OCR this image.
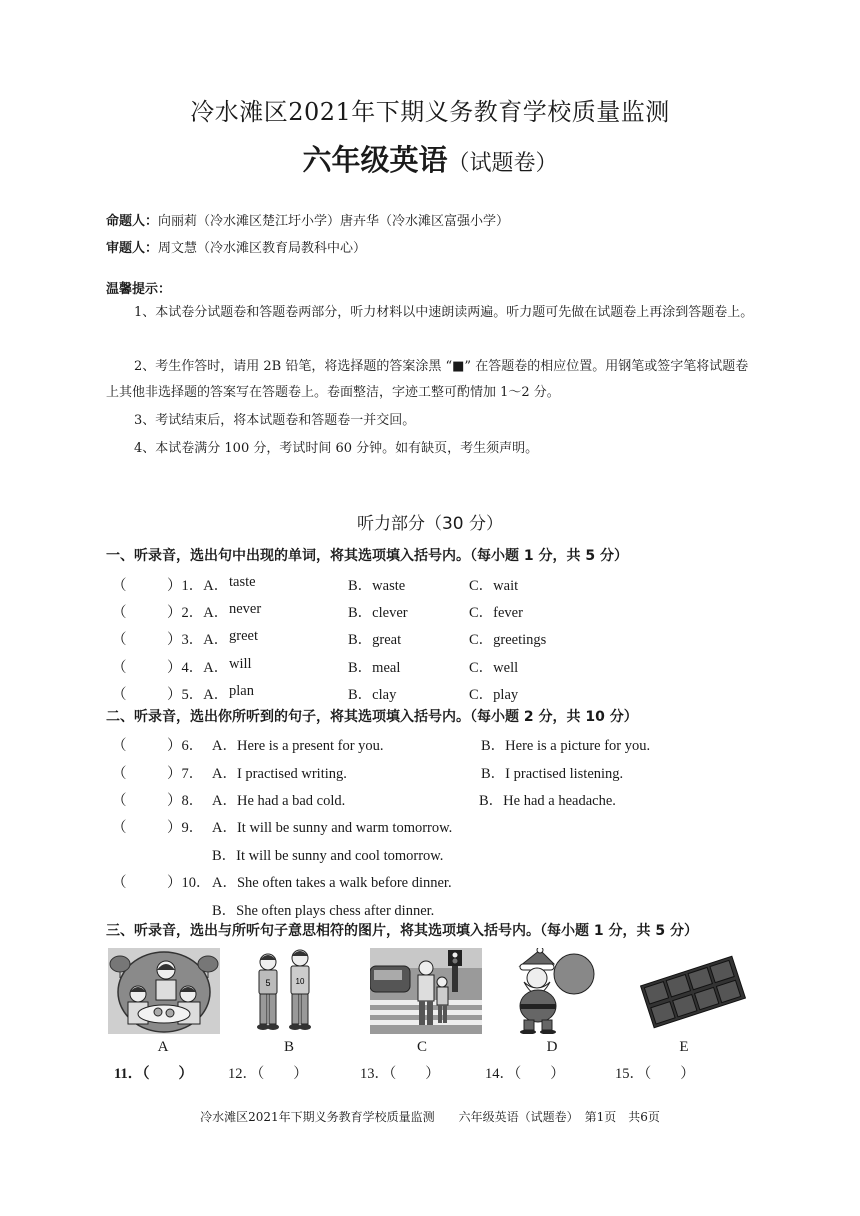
冷水滩区2021年下期义务教育学校质量监测
六年级英语（试题卷）
命题人：向丽莉（冷水滩区楚江圩小学）唐卉华（冷水滩区富强小学）
审题人：周文慧（冷水滩区教育局教科中心）
温馨提示：
1、本试卷分试题卷和答题卷两部分，听力材料以中速朗读两遍。听力题可先做在试题卷上再涂到答题卷上。
2、考生作答时，请用 2B 铅笔，将选择题的答案涂黑 “■” 在答题卷的相应位置。用钢笔或签字笔将试题卷上其他非选择题的答案写在答题卷上。卷面整洁，字迹工整可酌情加 1～2 分。
3、考试结束后，将本试题卷和答题卷一并交回。
4、本试卷满分 100 分，考试时间 60 分钟。如有缺页，考生须声明。
听力部分（30 分）
一、听录音，选出句中出现的单词，将其选项填入括号内。（每小题 1 分，共 5 分）
（	）1．A． taste	B．waste	C．wait
（	）2．A． never	B．clever	C．fever
（	）3．A． greet	B．great	C．greetings
（	）4．A． will	B．meal	C．well
（	）5．A． plan	B．clay	C．play
二、听录音，选出你所听到的句子，将其选项填入括号内。（每小题 2 分，共 10 分）
（	）6． A．Here is a present for you.	B．Here is a picture for you.
（	）7． A．I practised writing.	B．I practised listening.
（	）8． A．He had a bad cold.	B．He had a headache.
（	）9． A．It will be sunny and warm tomorrow.
B．It will be sunny and cool tomorrow.
（	）10． A．She often takes a walk before dinner.
B．She often plays chess after dinner.
三、听录音，选出与所听句子意思相符的图片，将其选项填入括号内。（每小题 1 分，共 5 分）
5	10
A	B	C	D	E
11．（　　） 12．（　　）	13．（　　）	14．（　　）	15．（　　）
冷水滩区2021年下期义务教育学校质量监测　　六年级英语（试题卷）　第1页　共6页
